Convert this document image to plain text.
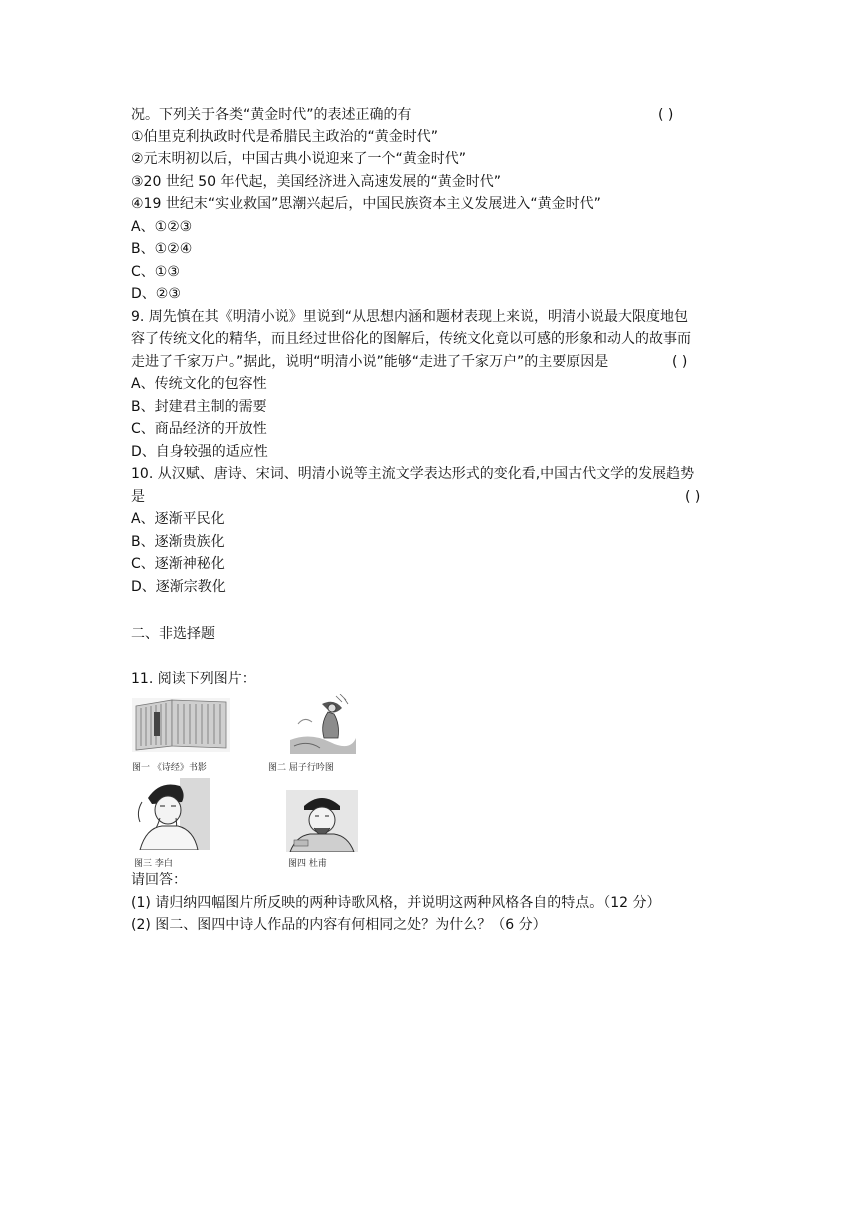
况。下列关于各类“黄金时代”的表述正确的有	( )
①伯里克利执政时代是希腊民主政治的“黄金时代”
②元末明初以后，中国古典小说迎来了一个“黄金时代”
③20 世纪 50 年代起，美国经济进入高速发展的“黄金时代”
④19 世纪末“实业救国”思潮兴起后，中国民族资本主义发展进入“黄金时代”
A、①②③
B、①②④
C、①③
D、②③
9. 周先慎在其《明清小说》里说到“从思想内涵和题材表现上来说，明清小说最大限度地包
容了传统文化的精华，而且经过世俗化的图解后，传统文化竟以可感的形象和动人的故事而
走进了千家万户。”据此，说明“明清小说”能够“走进了千家万户”的主要原因是	( )
A、传统文化的包容性
B、封建君主制的需要
C、商品经济的开放性
D、自身较强的适应性
10. 从汉赋、唐诗、宋词、明清小说等主流文学表达形式的变化看,中国古代文学的发展趋势
是	( )
A、逐渐平民化
B、逐渐贵族化
C、逐渐神秘化
D、逐渐宗教化
二、非选择题
11. 阅读下列图片：
图一 《诗经》书影	图二 屈子行吟图
图三 李白	图四 杜甫
请回答：
(1) 请归纳四幅图片所反映的两种诗歌风格，并说明这两种风格各自的特点。（12 分）
(2) 图二、图四中诗人作品的内容有何相同之处？为什么？（6 分）
